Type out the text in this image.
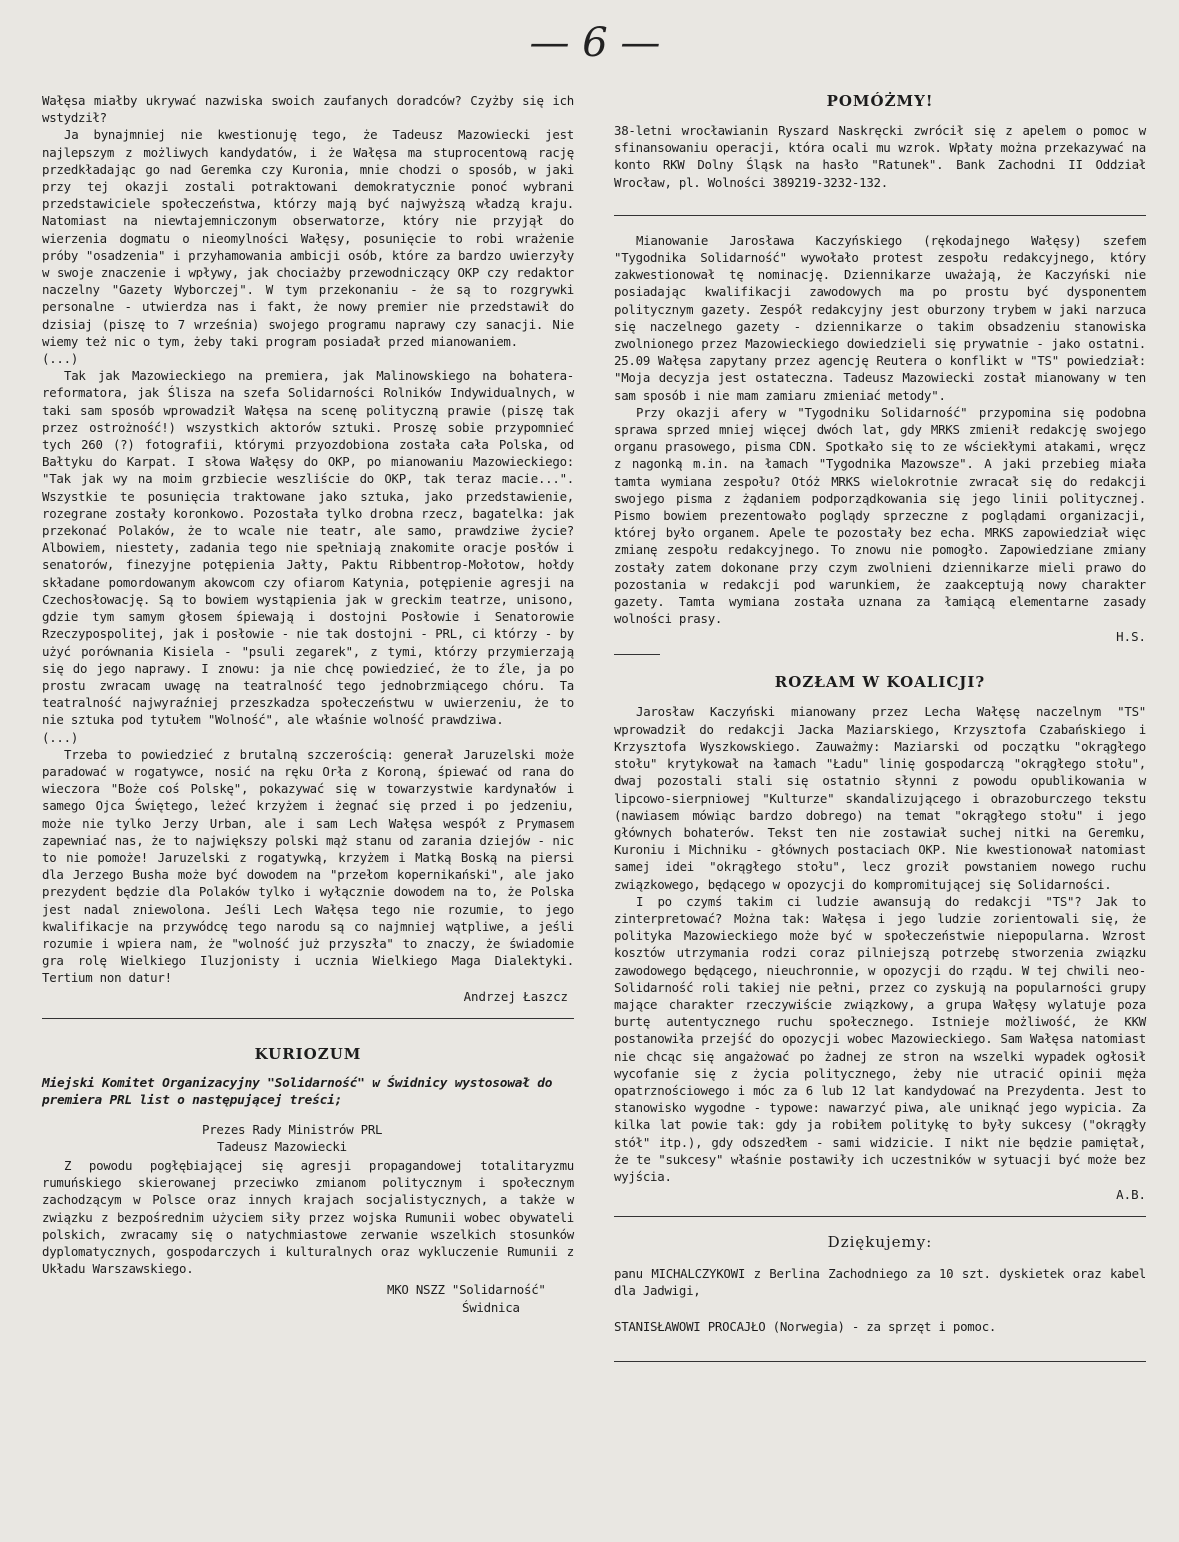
— 6 —

Wałęsa miałby ukrywać nazwiska swoich zaufanych doradców? Czyżby się ich wstydził?

Ja bynajmniej nie kwestionuję tego, że Tadeusz Mazowiecki jest najlepszym z możliwych kandydatów, i że Wałęsa ma stuprocentową rację przedkładając go nad Geremka czy Kuronia, mnie chodzi o sposób, w jaki przy tej okazji zostali potraktowani demokratycznie ponoć wybrani przedstawiciele społeczeństwa, którzy mają być najwyższą władzą kraju. Natomiast na niewtajemniczonym obserwatorze, który nie przyjął do wierzenia dogmatu o nieomylności Wałęsy, posunięcie to robi wrażenie próby "osadzenia" i przyhamowania ambicji osób, które za bardzo uwierzyły w swoje znaczenie i wpływy, jak chociażby przewodniczący OKP czy redaktor naczelny "Gazety Wyborczej". W tym przekonaniu - że są to rozgrywki personalne - utwierdza nas i fakt, że nowy premier nie przedstawił do dzisiaj (piszę to 7 września) swojego programu naprawy czy sanacji. Nie wiemy też nic o tym, żeby taki program posiadał przed mianowaniem.

(...)

Tak jak Mazowieckiego na premiera, jak Malinowskiego na bohatera-reformatora, jak Ślisza na szefa Solidarności Rolników Indywidualnych, w taki sam sposób wprowadził Wałęsa na scenę polityczną prawie (piszę tak przez ostrożność!) wszystkich aktorów sztuki. Proszę sobie przypomnieć tych 260 (?) fotografii, którymi przyozdobiona została cała Polska, od Bałtyku do Karpat. I słowa Wałęsy do OKP, po mianowaniu Mazowieckiego: "Tak jak wy na moim grzbiecie weszliście do OKP, tak teraz macie...". Wszystkie te posunięcia traktowane jako sztuka, jako przedstawienie, rozegrane zostały koronkowo. Pozostała tylko drobna rzecz, bagatelka: jak przekonać Polaków, że to wcale nie teatr, ale samo, prawdziwe życie? Albowiem, niestety, zadania tego nie spełniają znakomite oracje posłów i senatorów, finezyjne potępienia Jałty, Paktu Ribbentrop-Mołotow, hołdy składane pomordowanym akowcom czy ofiarom Katynia, potępienie agresji na Czechosłowację. Są to bowiem wystąpienia jak w greckim teatrze, unisono, gdzie tym samym głosem śpiewają i dostojni Posłowie i Senatorowie Rzeczypospolitej, jak i posłowie - nie tak dostojni - PRL, ci którzy - by użyć porównania Kisiela - "psuli zegarek", z tymi, którzy przymierzają się do jego naprawy. I znowu: ja nie chcę powiedzieć, że to źle, ja po prostu zwracam uwagę na teatralność tego jednobrzmiącego chóru. Ta teatralność najwyraźniej przeszkadza społeczeństwu w uwierzeniu, że to nie sztuka pod tytułem "Wolność", ale właśnie wolność prawdziwa.

(...)

Trzeba to powiedzieć z brutalną szczerością: generał Jaruzelski może paradować w rogatywce, nosić na ręku Orła z Koroną, śpiewać od rana do wieczora "Boże coś Polskę", pokazywać się w towarzystwie kardynałów i samego Ojca Świętego, leżeć krzyżem i żegnać się przed i po jedzeniu, może nie tylko Jerzy Urban, ale i sam Lech Wałęsa wespół z Prymasem zapewniać nas, że to największy polski mąż stanu od zarania dziejów - nic to nie pomoże! Jaruzelski z rogatywką, krzyżem i Matką Boską na piersi dla Jerzego Busha może być dowodem na "przełom kopernikański", ale jako prezydent będzie dla Polaków tylko i wyłącznie dowodem na to, że Polska jest nadal zniewolona. Jeśli Lech Wałęsa tego nie rozumie, to jego kwalifikacje na przywódcę tego narodu są co najmniej wątpliwe, a jeśli rozumie i wpiera nam, że "wolność już przyszła" to znaczy, że świadomie gra rolę Wielkiego Iluzjonisty i ucznia Wielkiego Maga Dialektyki. Tertium non datur!

Andrzej Łaszcz

KURIOZUM

Miejski Komitet Organizacyjny "Solidarność" w Świdnicy wystosował do premiera PRL list o następującej treści;

Prezes Rady Ministrów PRL

Tadeusz Mazowiecki

Z powodu pogłębiającej się agresji propagandowej totalitaryzmu rumuńskiego skierowanej przeciwko zmianom politycznym i społecznym zachodzącym w Polsce oraz innych krajach socjalistycznych, a także w związku z bezpośrednim użyciem siły przez wojska Rumunii wobec obywateli polskich, zwracamy się o natychmiastowe zerwanie wszelkich stosunków dyplomatycznych, gospodarczych i kulturalnych oraz wykluczenie Rumunii z Układu Warszawskiego.

MKO NSZZ "Solidarność"

Świdnica

POMÓŻMY!

38-letni wrocławianin Ryszard Naskręcki zwrócił się z apelem o pomoc w sfinansowaniu operacji, która ocali mu wzrok. Wpłaty można przekazywać na konto RKW Dolny Śląsk na hasło "Ratunek". Bank Zachodni II Oddział Wrocław, pl. Wolności 389219-3232-132.

Mianowanie Jarosława Kaczyńskiego (rękodajnego Wałęsy) szefem "Tygodnika Solidarność" wywołało protest zespołu redakcyjnego, który zakwestionował tę nominację. Dziennikarze uważają, że Kaczyński nie posiadając kwalifikacji zawodowych ma po prostu być dysponentem politycznym gazety. Zespół redakcyjny jest oburzony trybem w jaki narzuca się naczelnego gazety - dziennikarze o takim obsadzeniu stanowiska zwolnionego przez Mazowieckiego dowiedzieli się prywatnie - jako ostatni. 25.09 Wałęsa zapytany przez agencję Reutera o konflikt w "TS" powiedział: "Moja decyzja jest ostateczna. Tadeusz Mazowiecki został mianowany w ten sam sposób i nie mam zamiaru zmieniać metody".

Przy okazji afery w "Tygodniku Solidarność" przypomina się podobna sprawa sprzed mniej więcej dwóch lat, gdy MRKS zmienił redakcję swojego organu prasowego, pisma CDN. Spotkało się to ze wściekłymi atakami, wręcz z nagonką m.in. na łamach "Tygodnika Mazowsze". A jaki przebieg miała tamta wymiana zespołu? Otóż MRKS wielokrotnie zwracał się do redakcji swojego pisma z żądaniem podporządkowania się jego linii politycznej. Pismo bowiem prezentowało poglądy sprzeczne z poglądami organizacji, której było organem. Apele te pozostały bez echa. MRKS zapowiedział więc zmianę zespołu redakcyjnego. To znowu nie pomogło. Zapowiedziane zmiany zostały zatem dokonane przy czym zwolnieni dziennikarze mieli prawo do pozostania w redakcji pod warunkiem, że zaakceptują nowy charakter gazety. Tamta wymiana została uznana za łamiącą elementarne zasady wolności prasy.

H.S.

ROZŁAM W KOALICJI?

Jarosław Kaczyński mianowany przez Lecha Wałęsę naczelnym "TS" wprowadził do redakcji Jacka Maziarskiego, Krzysztofa Czabańskiego i Krzysztofa Wyszkowskiego. Zauważmy: Maziarski od początku "okrągłego stołu" krytykował na łamach "Ładu" linię gospodarczą "okrągłego stołu", dwaj pozostali stali się ostatnio słynni z powodu opublikowania w lipcowo-sierpniowej "Kulturze" skandalizującego i obrazoburczego tekstu (nawiasem mówiąc bardzo dobrego) na temat "okrągłego stołu" i jego głównych bohaterów. Tekst ten nie zostawiał suchej nitki na Geremku, Kuroniu i Michniku - głównych postaciach OKP. Nie kwestionował natomiast samej idei "okrągłego stołu", lecz groził powstaniem nowego ruchu związkowego, będącego w opozycji do kompromitującej się Solidarności.

I po czymś takim ci ludzie awansują do redakcji "TS"? Jak to zinterpretować? Można tak: Wałęsa i jego ludzie zorientowali się, że polityka Mazowieckiego może być w społeczeństwie niepopularna. Wzrost kosztów utrzymania rodzi coraz pilniejszą potrzebę stworzenia związku zawodowego będącego, nieuchronnie, w opozycji do rządu. W tej chwili neo-Solidarność roli takiej nie pełni, przez co zyskują na popularności grupy mające charakter rzeczywiście związkowy, a grupa Wałęsy wylatuje poza burtę autentycznego ruchu społecznego. Istnieje możliwość, że KKW postanowiła przejść do opozycji wobec Mazowieckiego. Sam Wałęsa natomiast nie chcąc się angażować po żadnej ze stron na wszelki wypadek ogłosił wycofanie się z życia politycznego, żeby nie utracić opinii męża opatrznościowego i móc za 6 lub 12 lat kandydować na Prezydenta. Jest to stanowisko wygodne - typowe: nawarzyć piwa, ale uniknąć jego wypicia. Za kilka lat powie tak: gdy ja robiłem politykę to były sukcesy ("okrągły stół" itp.), gdy odszedłem - sami widzicie. I nikt nie będzie pamiętał, że te "sukcesy" właśnie postawiły ich uczestników w sytuacji być może bez wyjścia.

A.B.

Dziękujemy:

panu MICHALCZYKOWI z Berlina Zachodniego za 10 szt. dyskietek oraz kabel dla Jadwigi,

STANISŁAWOWI PROCAJŁO (Norwegia) - za sprzęt i pomoc.
